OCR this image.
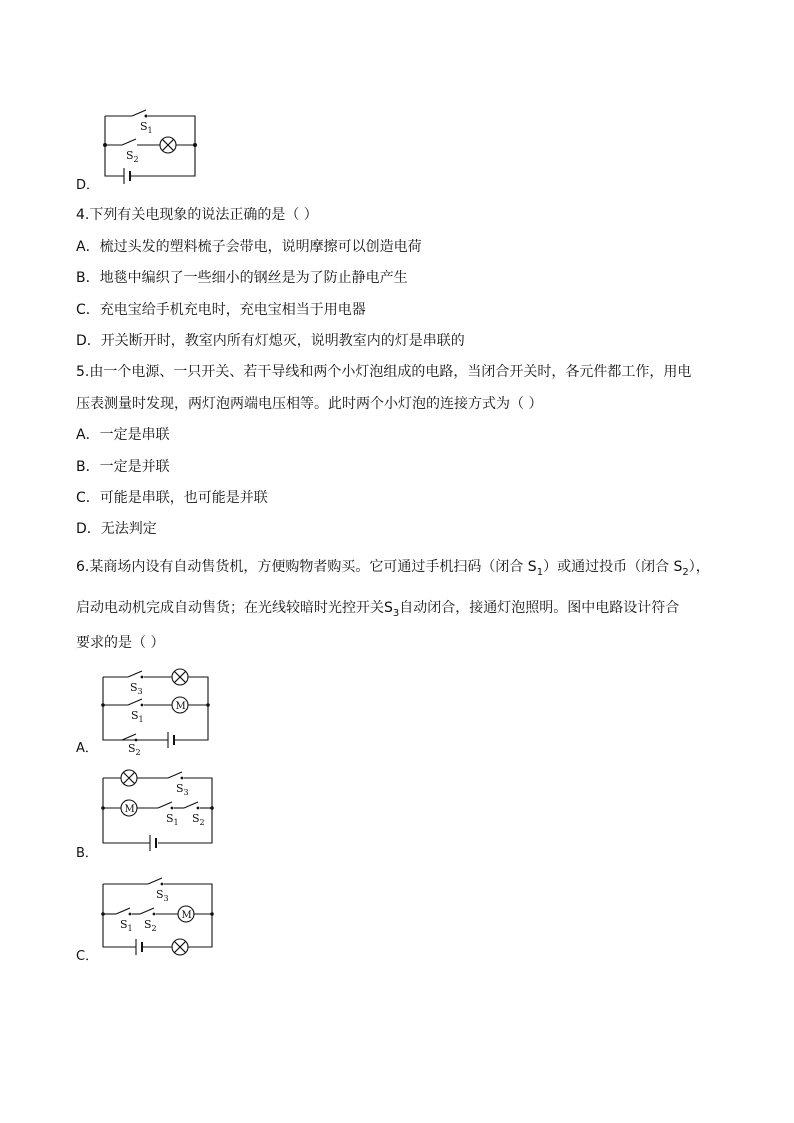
$S_1$
$S_2$
D．
4.下列有关电现象的说法正确的是（ ）
A．梳过头发的塑料梳子会带电，说明摩擦可以创造电荷
B．地毯中编织了一些细小的钢丝是为了防止静电产生
C．充电宝给手机充电时，充电宝相当于用电器
D．开关断开时，教室内所有灯熄灭，说明教室内的灯是串联的
5.由一个电源、一只开关、若干导线和两个小灯泡组成的电路，当闭合开关时，各元件都工作，用电
压表测量时发现，两灯泡两端电压相等。此时两个小灯泡的连接方式为（ ）
A．一定是串联
B．一定是并联
C．可能是串联，也可能是并联
D．无法判定
6.某商场内设有自动售货机，方便购物者购买。它可通过手机扫码（闭合 $S_1$）或通过投币（闭合 $S_2$），
启动电动机完成自动售货；在光线较暗时光控开关$S_3$自动闭合，接通灯泡照明。图中电路设计符合
要求的是（ ）
$S_3$
M
$S_1$
$S_2$
A．
$S_3$
M
$S_1$ $S_2$
B．
$S_3$
M
$S_1$ $S_2$
C．
